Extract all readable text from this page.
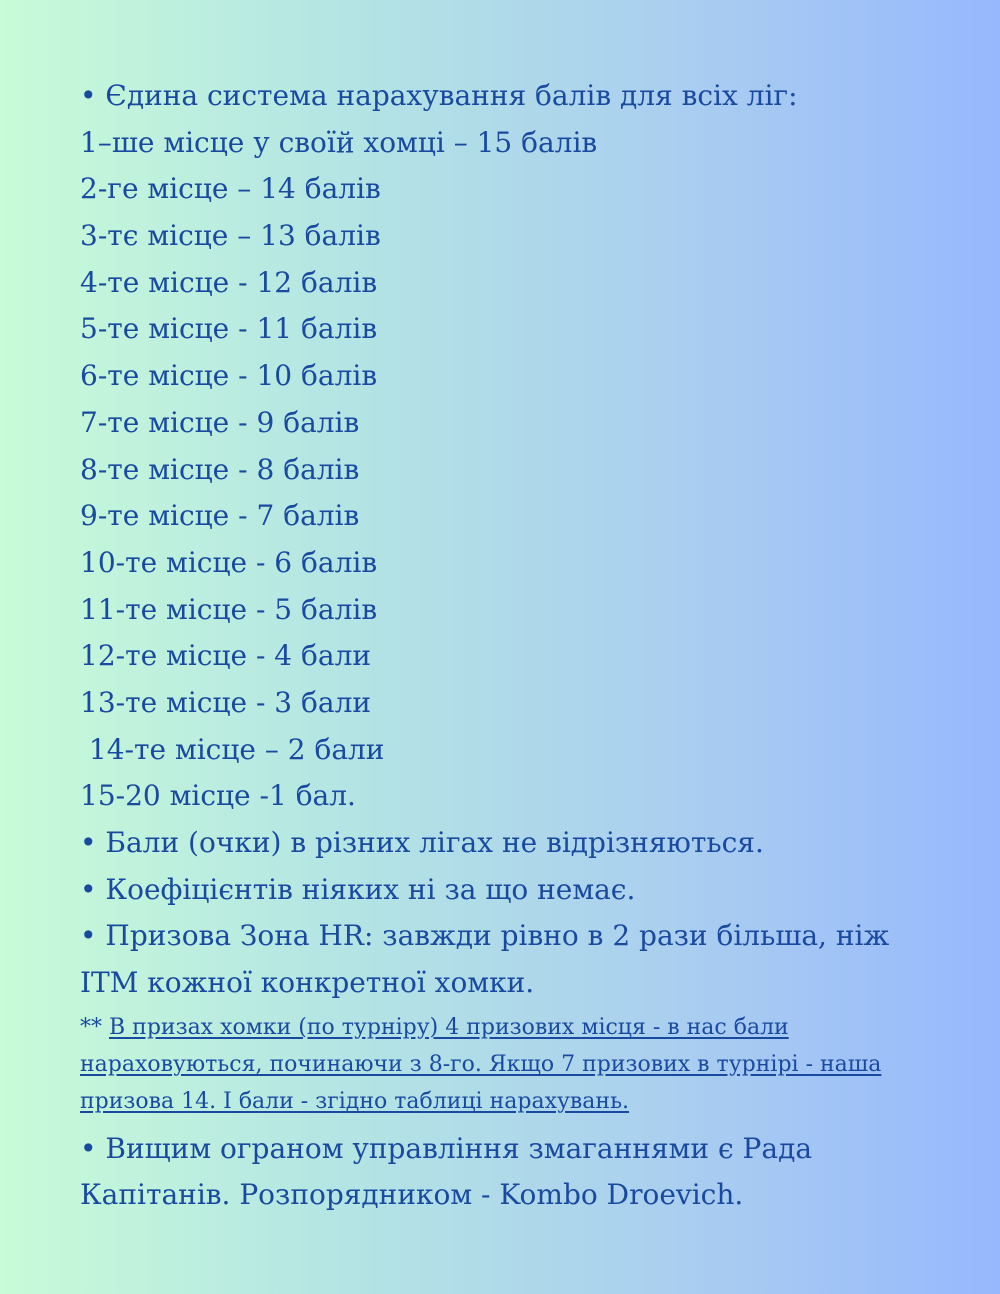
• Єдина система нарахування балів для всіх ліг:
1–ше місце у своїй хомці – 15 балів
2-ге місце – 14 балів
3-тє місце – 13 балів
4-те місце - 12 балів
5-те місце - 11 балів
6-те місце - 10 балів
7-те місце - 9 балів
8-те місце - 8 балів
9-те місце - 7 балів
10-те місце - 6 балів
11-те місце - 5 балів
12-те місце - 4 бали
13-те місце - 3 бали
14-те місце – 2 бали
15-20 місце -1 бал.
• Бали (очки) в різних лігах не відрізняються.
• Коефіцієнтів ніяких ні за що немає.
• Призова Зона HR: завжди рівно в 2 рази більша, ніж ITM кожної конкретної хомки.
** В призах хомки (по турніру) 4 призових місця - в нас бали нараховуються, починаючи з 8-го. Якщо 7 призових в турнірі - наша призова 14. І бали - згідно таблиці нарахувань.
• Вищим ограном управління змаганнями є Рада Капітанів. Розпорядником - Kombo Droevich.
